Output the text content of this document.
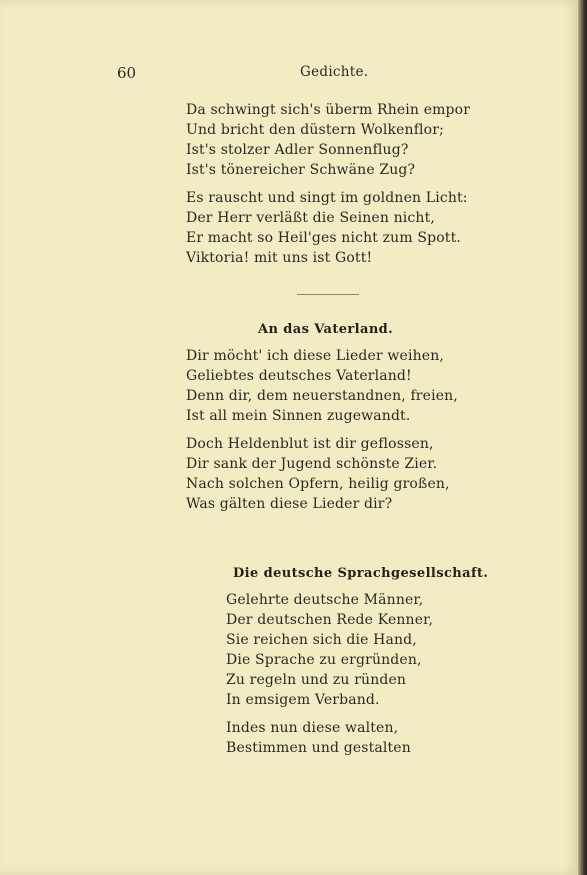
60	Gedichte.

Da schwingt sich's überm Rhein empor

Und bricht den düstern Wolkenflor;

Ist's stolzer Adler Sonnenflug?

Ist's tönereicher Schwäne Zug?

Es rauscht und singt im goldnen Licht:

Der Herr verläßt die Seinen nicht,

Er macht so Heil'ges nicht zum Spott.

Viktoria! mit uns ist Gott!

An das Vaterland.

Dir möcht' ich diese Lieder weihen,

Geliebtes deutsches Vaterland!

Denn dir, dem neuerstandnen, freien,

Ist all mein Sinnen zugewandt.

Doch Heldenblut ist dir geflossen,

Dir sank der Jugend schönste Zier.

Nach solchen Opfern, heilig großen,

Was gälten diese Lieder dir?

Die deutsche Sprachgesellschaft.

Gelehrte deutsche Männer,

Der deutschen Rede Kenner,

Sie reichen sich die Hand,

Die Sprache zu ergründen,

Zu regeln und zu ründen

In emsigem Verband.

Indes nun diese walten,

Bestimmen und gestalten
